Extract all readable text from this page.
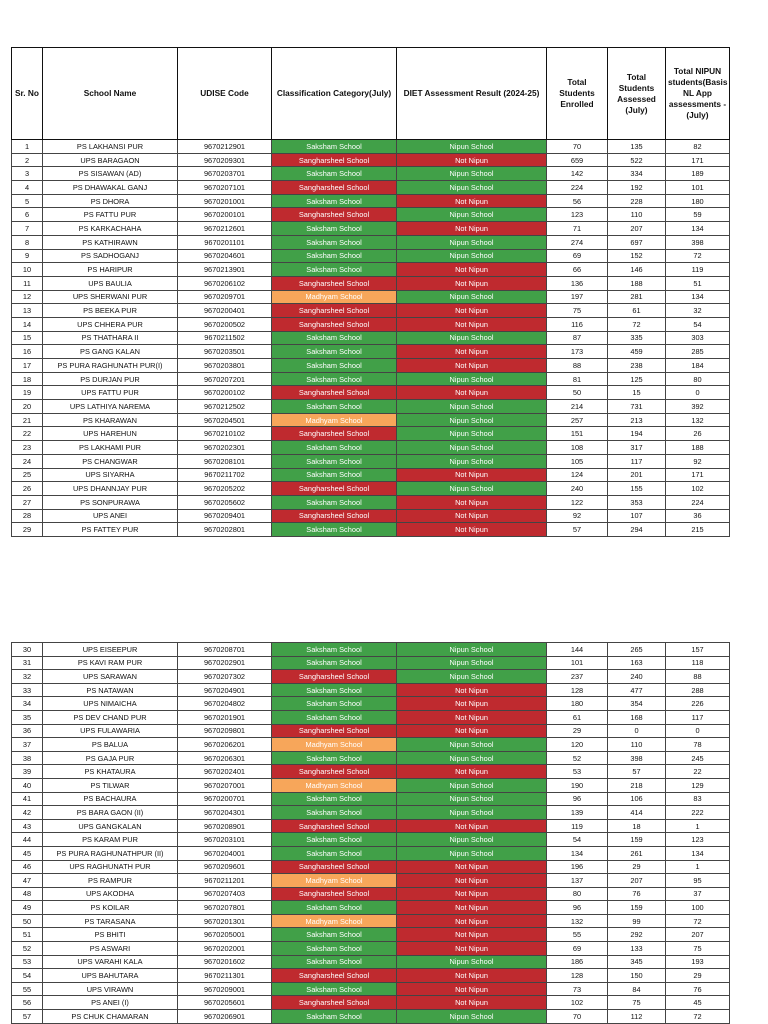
Sr. No	School Name	UDISE Code	Classification Category(July)	DIET Assessment Result (2024-25)	Total Students Enrolled	Total Students Assessed (July)	Total NIPUN students(Basis NL App assessments - (July)
1	PS LAKHANSI PUR	9670212901	Saksham School	Nipun School	70	135	82
2	UPS BARAGAON	9670209301	Sangharsheel School	Not Nipun	659	522	171
3	PS SISAWAN (AD)	9670203701	Saksham School	Nipun School	142	334	189
4	PS DHAWAKAL GANJ	9670207101	Sangharsheel School	Nipun School	224	192	101
5	PS DHORA	9670201001	Saksham School	Not Nipun	56	228	180
6	PS FATTU PUR	9670200101	Sangharsheel School	Nipun School	123	110	59
7	PS KARKACHAHA	9670212601	Saksham School	Not Nipun	71	207	134
8	PS KATHIRAWN	9670201101	Saksham School	Nipun School	274	697	398
9	PS SADHOGANJ	9670204601	Saksham School	Nipun School	69	152	72
10	PS HARIPUR	9670213901	Saksham School	Not Nipun	66	146	119
11	UPS BAULIA	9670206102	Sangharsheel School	Not Nipun	136	188	51
12	UPS SHERWANI PUR	9670209701	Madhyam School	Nipun School	197	281	134
13	PS BEEKA PUR	9670200401	Sangharsheel School	Not Nipun	75	61	32
14	UPS CHHERA PUR	9670200502	Sangharsheel School	Not Nipun	116	72	54
15	PS THATHARA II	9670211502	Saksham School	Nipun School	87	335	303
16	PS GANG KALAN	9670203501	Saksham School	Not Nipun	173	459	285
17	PS PURA RAGHUNATH PUR(I)	9670203801	Saksham School	Not Nipun	88	238	184
18	PS DURJAN PUR	9670207201	Saksham School	Nipun School	81	125	80
19	UPS FATTU PUR	9670200102	Sangharsheel School	Not Nipun	50	15	0
20	UPS LATHIYA NAREMA	9670212502	Saksham School	Nipun School	214	731	392
21	PS KHARAWAN	9670204501	Madhyam School	Nipun School	257	213	132
22	UPS HAREHUN	9670210102	Sangharsheel School	Nipun School	151	194	26
23	PS LAKHAMI PUR	9670202301	Saksham School	Nipun School	108	317	188
24	PS CHANGWAR	9670208101	Saksham School	Nipun School	105	117	92
25	UPS SIYARHA	9670211702	Saksham School	Not Nipun	124	201	171
26	UPS DHANNJAY PUR	9670205202	Sangharsheel School	Nipun School	240	155	102
27	PS SONPURAWA	9670205602	Saksham School	Not Nipun	122	353	224
28	UPS ANEI	9670209401	Sangharsheel School	Not Nipun	92	107	36
29	PS FATTEY PUR	9670202801	Saksham School	Not Nipun	57	294	215
30	UPS EISEEPUR	9670208701	Saksham School	Nipun School	144	265	157
31	PS KAVI RAM PUR	9670202901	Saksham School	Nipun School	101	163	118
32	UPS SARAWAN	9670207302	Sangharsheel School	Nipun School	237	240	88
33	PS NATAWAN	9670204901	Saksham School	Not Nipun	128	477	288
34	UPS NIMAICHA	9670204802	Saksham School	Not Nipun	180	354	226
35	PS DEV CHAND PUR	9670201901	Saksham School	Not Nipun	61	168	117
36	UPS FULAWARIA	9670209801	Sangharsheel School	Not Nipun	29	0	0
37	PS BALUA	9670206201	Madhyam School	Nipun School	120	110	78
38	PS GAJA PUR	9670206301	Saksham School	Nipun School	52	398	245
39	PS KHATAURA	9670202401	Sangharsheel School	Not Nipun	53	57	22
40	PS TILWAR	9670207001	Madhyam School	Nipun School	190	218	129
41	PS BACHAURA	9670200701	Saksham School	Nipun School	96	106	83
42	PS BARA GAON (II)	9670204301	Saksham School	Nipun School	139	414	222
43	UPS GANGKALAN	9670208901	Sangharsheel School	Not Nipun	119	18	1
44	PS KARAM PUR	9670203101	Saksham School	Nipun School	54	159	123
45	PS PURA RAGHUNATHPUR (II)	9670204001	Saksham School	Nipun School	134	261	134
46	UPS RAGHUNATH PUR	9670209601	Sangharsheel School	Not Nipun	196	29	1
47	PS RAMPUR	9670211201	Madhyam School	Not Nipun	137	207	95
48	UPS AKODHA	9670207403	Sangharsheel School	Not Nipun	80	76	37
49	PS KOILAR	9670207801	Saksham School	Not Nipun	96	159	100
50	PS TARASANA	9670201301	Madhyam School	Not Nipun	132	99	72
51	PS BHITI	9670205001	Saksham School	Not Nipun	55	292	207
52	PS ASWARI	9670202001	Saksham School	Not Nipun	69	133	75
53	UPS VARAHI KALA	9670201602	Saksham School	Nipun School	186	345	193
54	UPS BAHUTARA	9670211301	Sangharsheel School	Not Nipun	128	150	29
55	UPS VIRAWN	9670209001	Saksham School	Not Nipun	73	84	76
56	PS ANEI (I)	9670205601	Sangharsheel School	Not Nipun	102	75	45
57	PS CHUK CHAMARAN	9670206901	Saksham School	Nipun School	70	112	72
